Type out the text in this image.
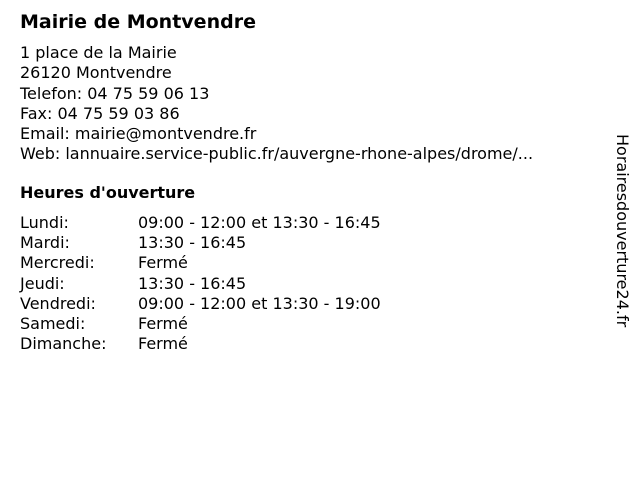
Mairie de Montvendre
1 place de la Mairie
26120 Montvendre
Telefon: 04 75 59 06 13
Fax: 04 75 59 03 86
Email: mairie@montvendre.fr
Web: lannuaire.service-public.fr/auvergne-rhone-alpes/drome/...
Heures d'ouverture
Lundi:	09:00 - 12:00 et 13:30 - 16:45
Mardi:	13:30 - 16:45
Mercredi:	Fermé
Jeudi:	13:30 - 16:45
Vendredi:	09:00 - 12:00 et 13:30 - 19:00
Samedi:	Fermé
Dimanche: Fermé
Horairesdouverture24.fr
